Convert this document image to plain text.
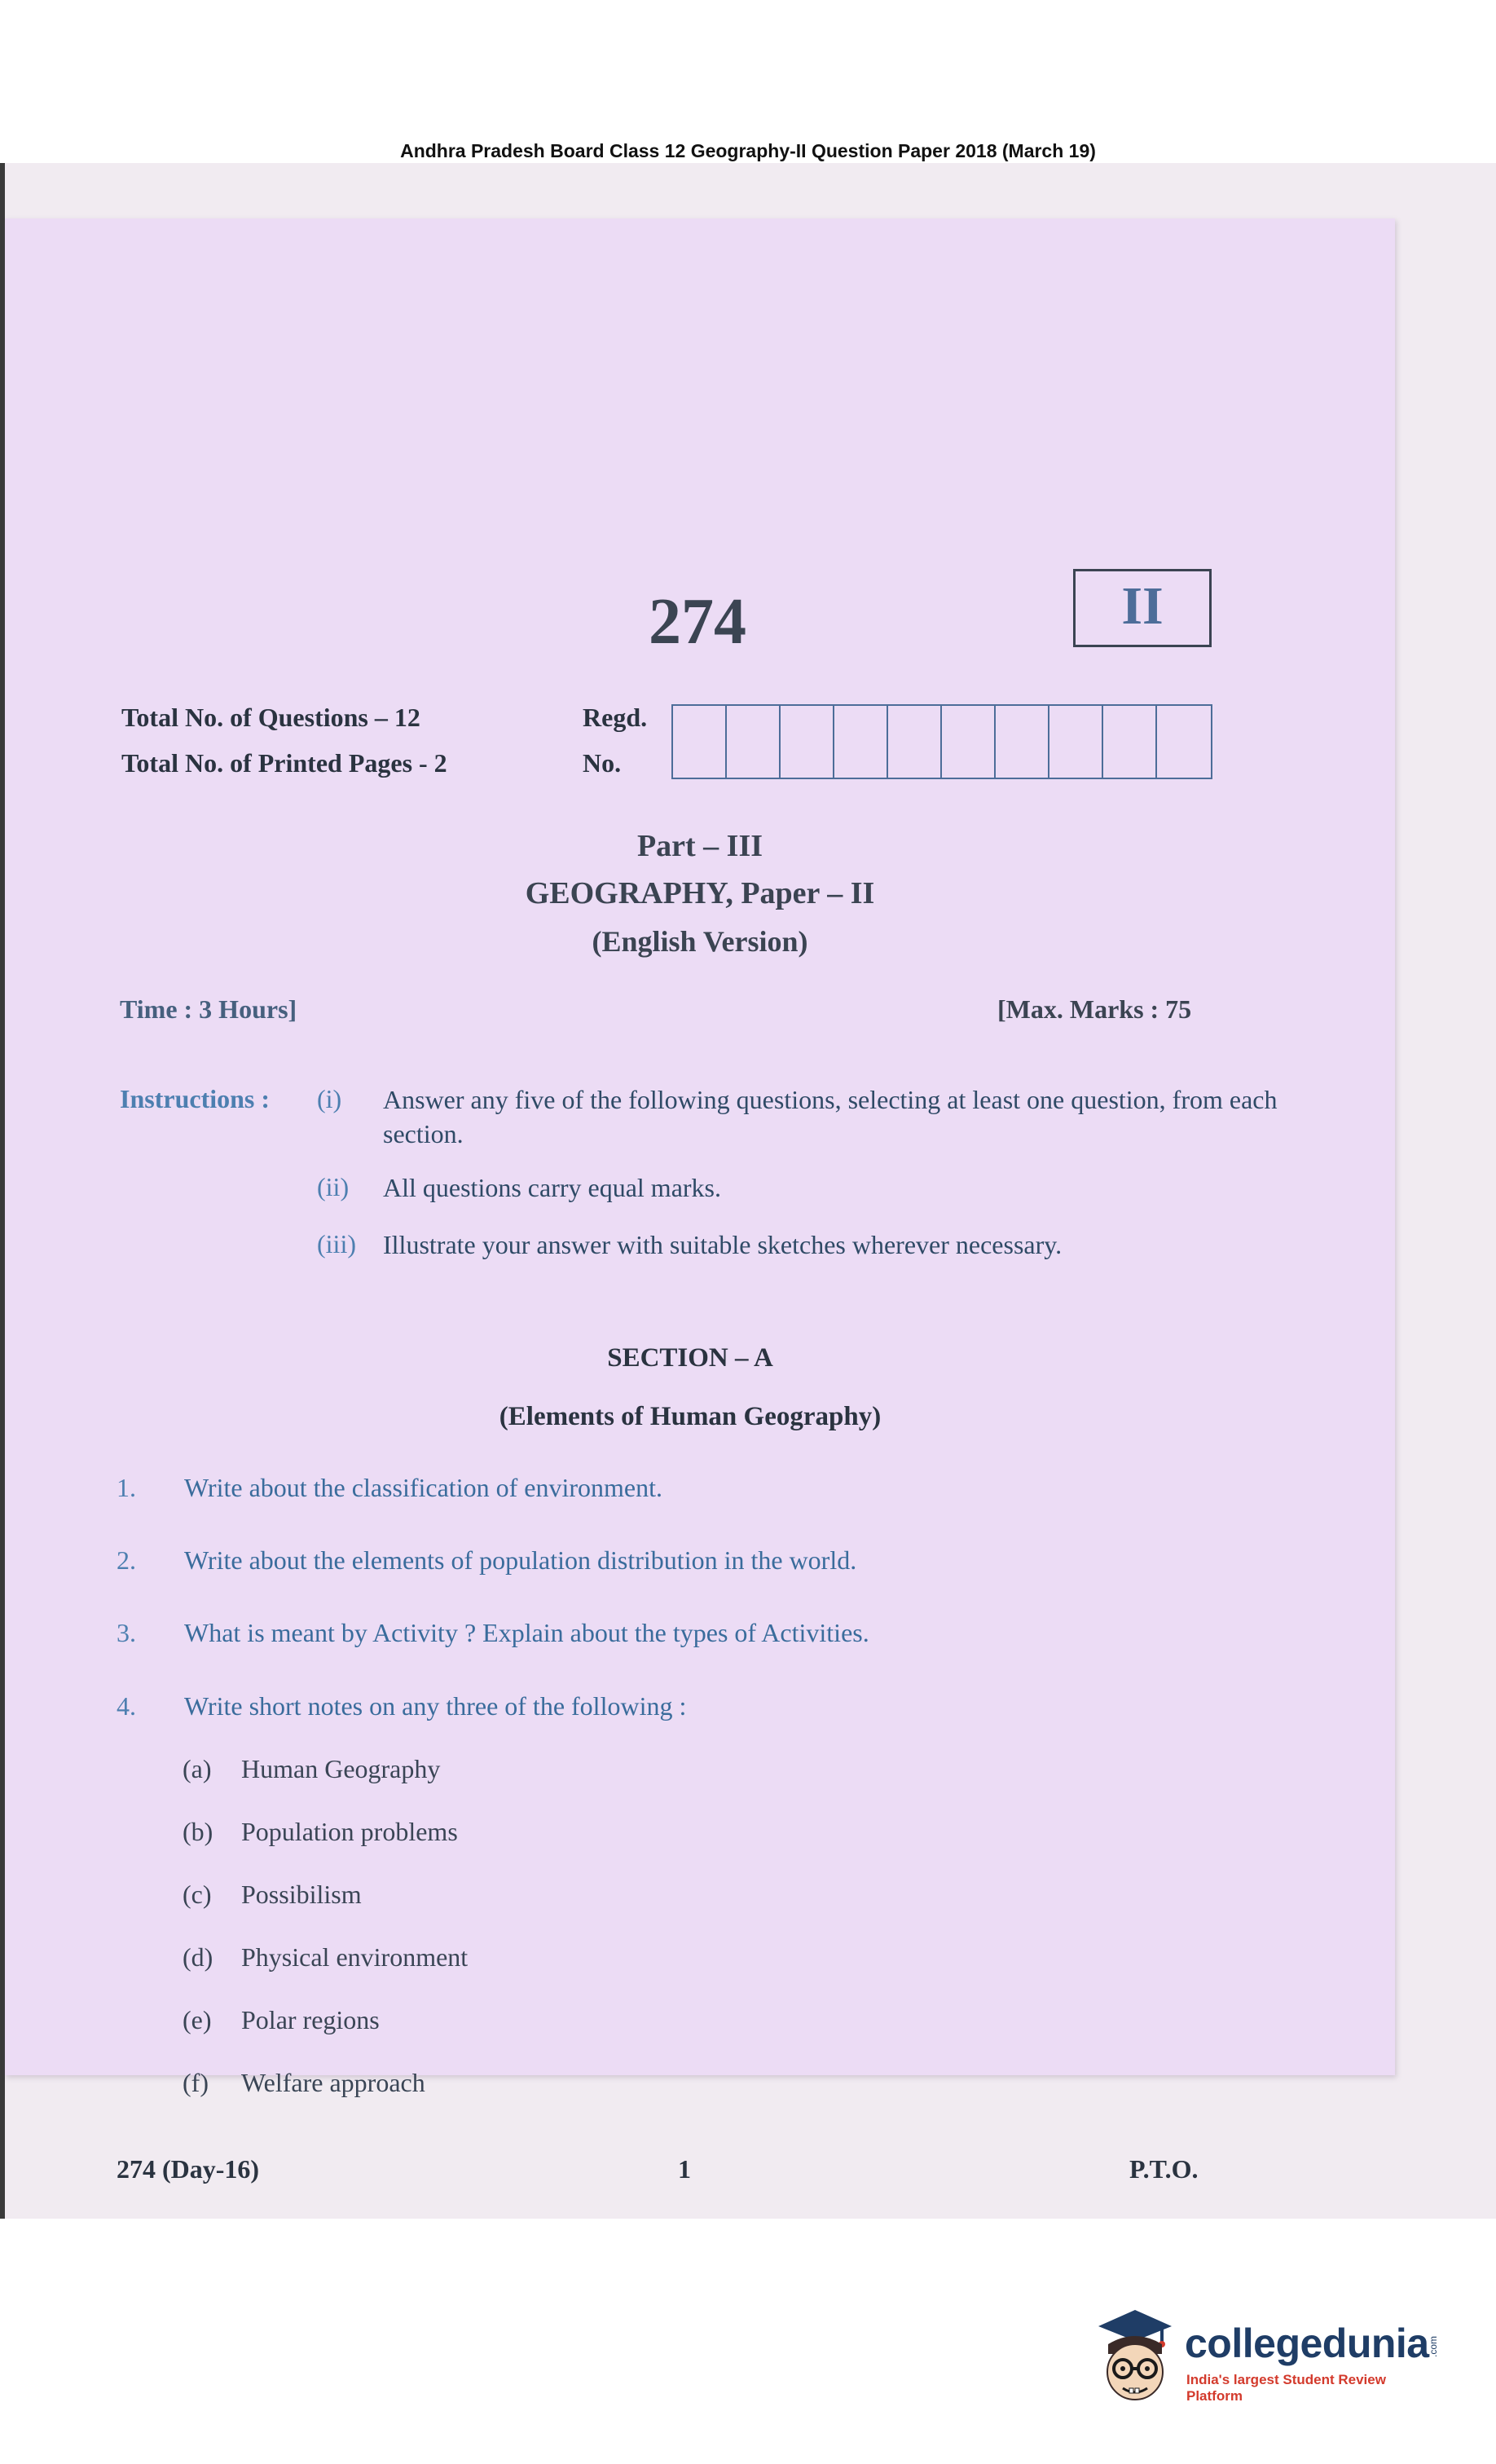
Andhra Pradesh Board Class 12 Geography-II Question Paper 2018 (March 19)
274	II
Total No. of Questions – 12
Total No. of Printed Pages - 2
Regd.
No.
Part – III
GEOGRAPHY, Paper – II
(English Version)
Time : 3 Hours]	[Max. Marks : 75
Instructions : (i) Answer any five of the following questions, selecting at least one question, from each section.
(ii) All questions carry equal marks.
(iii) Illustrate your answer with suitable sketches wherever necessary.
SECTION – A
(Elements of Human Geography)
1. Write about the classification of environment.
2. Write about the elements of population distribution in the world.
3. What is meant by Activity ? Explain about the types of Activities.
4. Write short notes on any three of the following :
(a) Human Geography
(b) Population problems
(c) Possibilism
(d) Physical environment
(e) Polar regions
(f) Welfare approach
274 (Day-16)	1	P.T.O.
collegedunia
.com
India's largest Student Review Platform
